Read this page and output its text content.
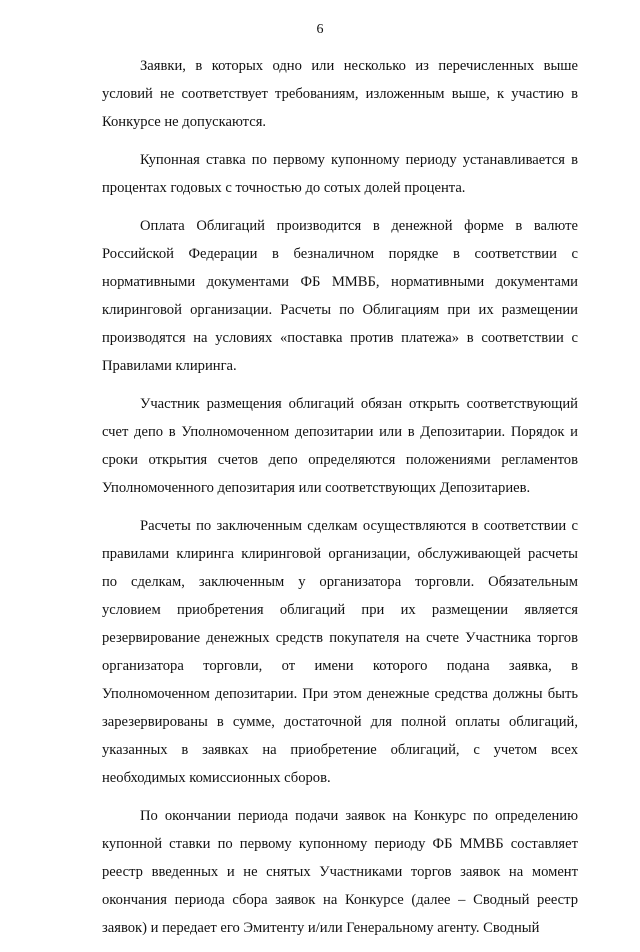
6

Заявки, в которых одно или несколько из перечисленных выше условий не соответствует требованиям, изложенным выше, к участию в Конкурсе не допускаются.

Купонная ставка по первому купонному периоду устанавливается в процентах годовых с точностью до сотых долей процента.

Оплата Облигаций производится в денежной форме в валюте Российской Федерации в безналичном порядке в соответствии с нормативными документами ФБ ММВБ, нормативными документами клиринговой организации. Расчеты по Облигациям при их размещении производятся на условиях «поставка против платежа» в соответствии с Правилами клиринга.

Участник размещения облигаций обязан открыть соответствующий счет депо в Уполномоченном депозитарии или в Депозитарии. Порядок и сроки открытия счетов депо определяются положениями регламентов Уполномоченного депозитария или соответствующих Депозитариев.

Расчеты по заключенным сделкам осуществляются в соответствии с правилами клиринга клиринговой организации, обслуживающей расчеты по сделкам, заключенным у организатора торговли. Обязательным условием приобретения облигаций при их размещении является резервирование денежных средств покупателя на счете Участника торгов организатора торговли, от имени которого подана заявка, в Уполномоченном депозитарии. При этом денежные средства должны быть зарезервированы в сумме, достаточной для полной оплаты облигаций, указанных в заявках на приобретение облигаций, с учетом всех необходимых комиссионных сборов.

По окончании периода подачи заявок на Конкурс по определению купонной ставки по первому купонному периоду ФБ ММВБ составляет реестр введенных и не снятых Участниками торгов заявок на момент окончания периода сбора заявок на Конкурсе (далее – Сводный реестр заявок) и передает его Эмитенту и/или Генеральному агенту. Сводный
